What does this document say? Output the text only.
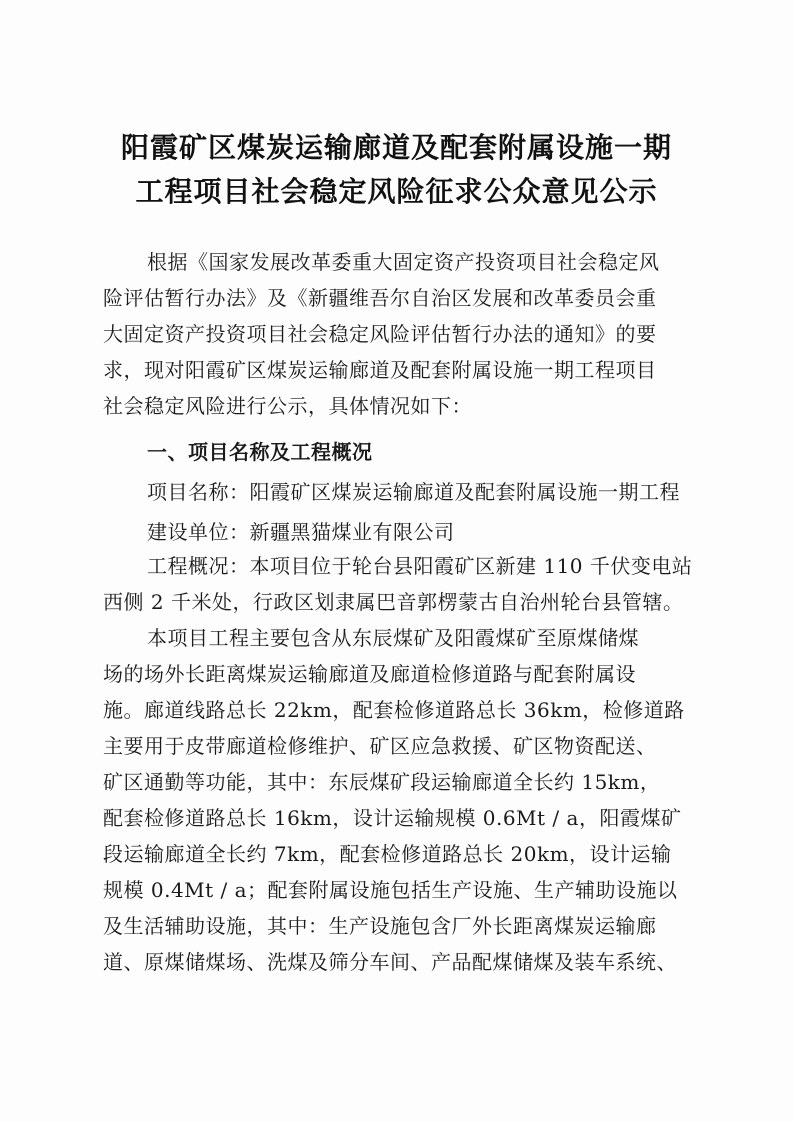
阳霞矿区煤炭运输廊道及配套附属设施一期
工程项目社会稳定风险征求公众意见公示
根据《国家发展改革委重大固定资产投资项目社会稳定风
险评估暂行办法》及《新疆维吾尔自治区发展和改革委员会重
大固定资产投资项目社会稳定风险评估暂行办法的通知》的要
求，现对阳霞矿区煤炭运输廊道及配套附属设施一期工程项目
社会稳定风险进行公示，具体情况如下：
一、项目名称及工程概况
项目名称：阳霞矿区煤炭运输廊道及配套附属设施一期工程
建设单位：新疆黑猫煤业有限公司
工程概况：本项目位于轮台县阳霞矿区新建 110 千伏变电站
西侧 2 千米处，行政区划隶属巴音郭楞蒙古自治州轮台县管辖。
本项目工程主要包含从东辰煤矿及阳霞煤矿至原煤储煤
场的场外长距离煤炭运输廊道及廊道检修道路与配套附属设
施。廊道线路总长 22km，配套检修道路总长 36km，检修道路
主要用于皮带廊道检修维护、矿区应急救援、矿区物资配送、
矿区通勤等功能，其中：东辰煤矿段运输廊道全长约 15km，
配套检修道路总长 16km，设计运输规模 0.6Mt / a，阳霞煤矿
段运输廊道全长约 7km，配套检修道路总长 20km，设计运输
规模 0.4Mt / a；配套附属设施包括生产设施、生产辅助设施以
及生活辅助设施，其中：生产设施包含厂外长距离煤炭运输廊
道、原煤储煤场、洗煤及筛分车间、产品配煤储煤及装车系统、
